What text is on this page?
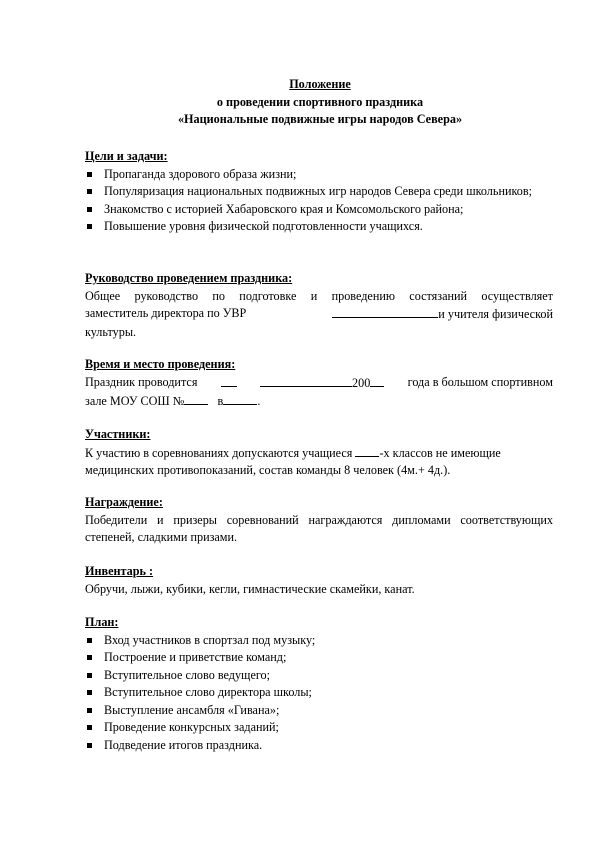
Положение
о проведении спортивного праздника
«Национальные подвижные игры народов Севера»
Цели и задачи:
Пропаганда здорового образа жизни;
Популяризация национальных подвижных игр народов Севера среди школьников;
Знакомство с историей Хабаровского края и Комсомольского района;
Повышение уровня физической подготовленности учащихся.
Руководство проведением праздника:
Общее руководство по подготовке и проведению состязаний осуществляет
заместитель директора по УВР	и учителя физической
культуры.
Время и место проведения:
Праздник проводится	200	года в большом спортивном
зале МОУ СОШ №	в	.
Участники:
К участию в соревнованиях допускаются учащиеся -х классов не имеющие
медицинских противопоказаний, состав команды 8 человек (4м.+ 4д.).
Награждение:
Победители и призеры соревнований награждаются дипломами соответствующих степеней, сладкими призами.
Инвентарь :
Обручи, лыжи, кубики, кегли, гимнастические скамейки, канат.
План:
Вход участников в спортзал под музыку;
Построение и приветствие команд;
Вступительное слово ведущего;
Вступительное слово директора школы;
Выступление ансамбля «Гивана»;
Проведение конкурсных заданий;
Подведение итогов праздника.
